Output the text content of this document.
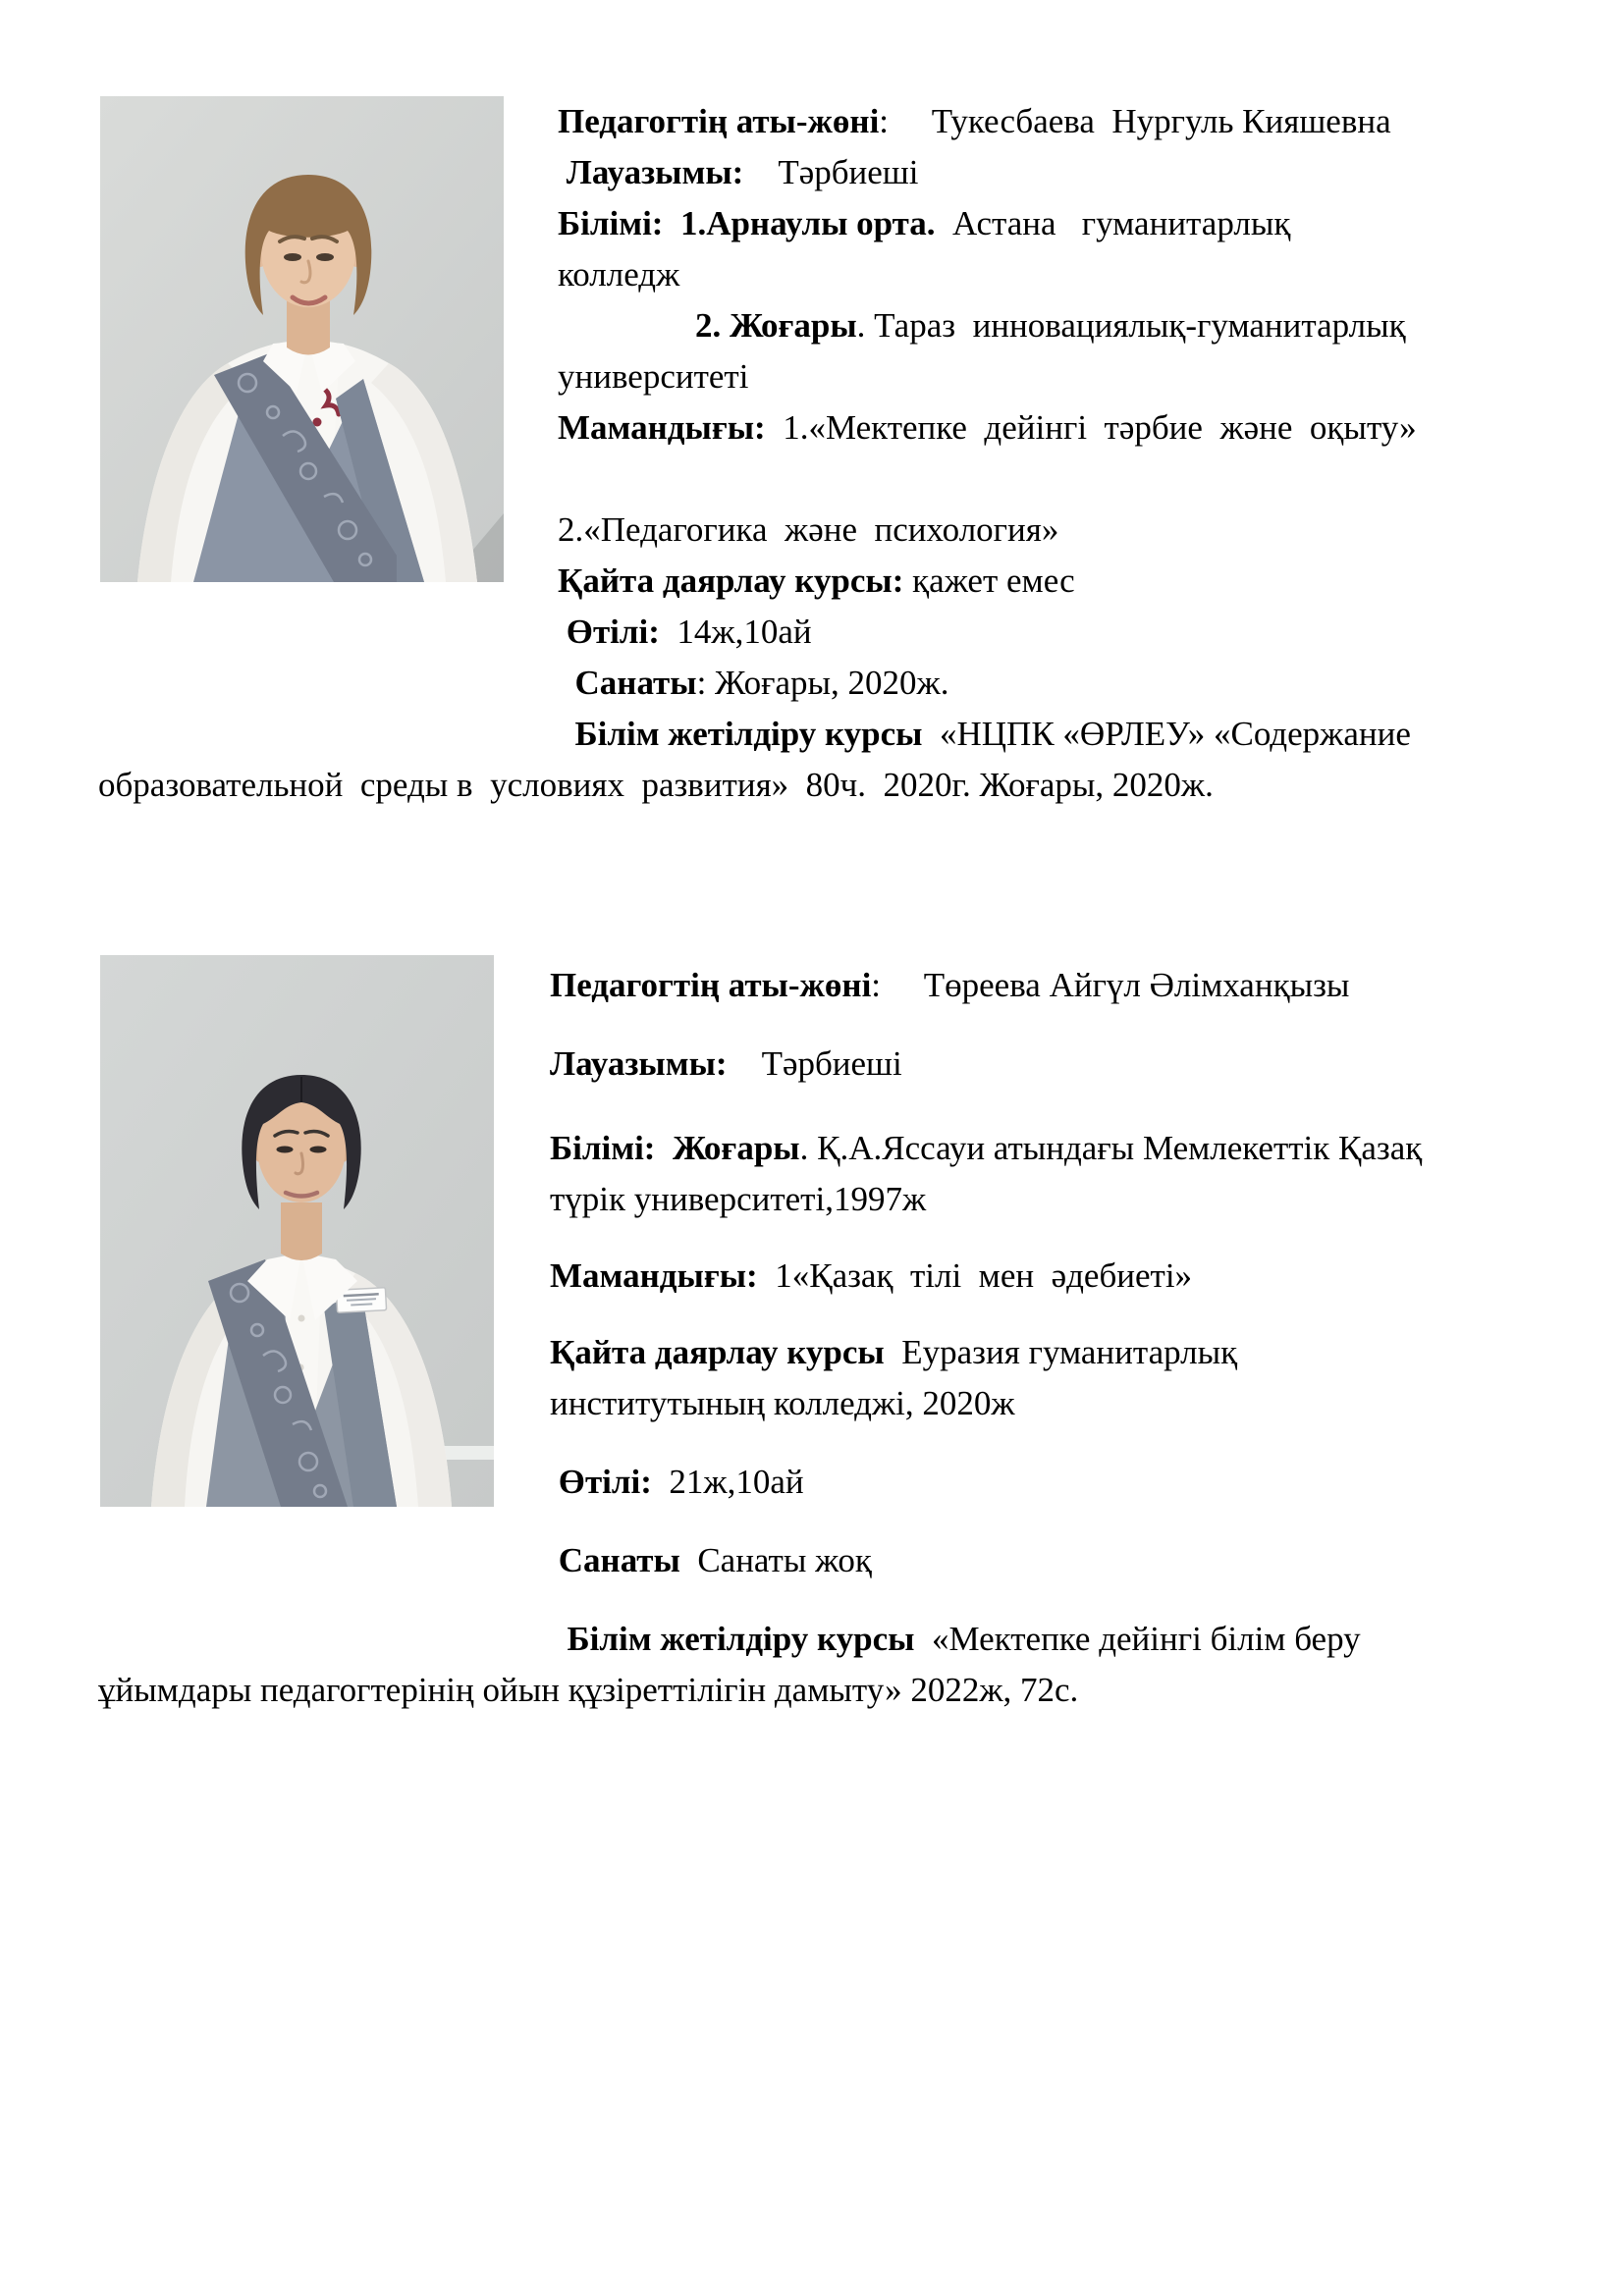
Педагогтің аты-жөні:     Тукесбаева  Нургуль Кияшевна
Лауазымы:    Тәрбиеші
Білімі:  1.Арнаулы орта.  Астана   гуманитарлық
колледж
2. Жоғары. Тараз  инновациялық-гуманитарлық
университеті
Мамандығы:  1.«Мектепке  дейінгі  тәрбие  және  оқыту»
2.«Педагогика  және  психология»
Қайта даярлау курсы: қажет емес
Өтілі:  14ж,10ай
Санаты: Жоғары, 2020ж.
Білім жетілдіру курсы  «НЦПК «ӨРЛЕУ» «Содержание
образовательной  среды в  условиях  развития»  80ч.  2020г. Жоғары, 2020ж.
Педагогтің аты-жөні:     Төреева Айгүл Әлімханқызы
Лауазымы:    Тәрбиеші
Білімі:  Жоғары. Қ.А.Яссауи атындағы Мемлекеттік Қазақ
түрік университеті,1997ж
Мамандығы:  1«Қазақ  тілі  мен  әдебиеті»
Қайта даярлау курсы  Еуразия гуманитарлық
институтының колледжі, 2020ж
Өтілі:  21ж,10ай
Санаты  Санаты жоқ
Білім жетілдіру курсы  «Мектепке дейінгі білім беру
ұйымдары педагогтерінің ойын құзіреттілігін дамыту» 2022ж, 72с.
